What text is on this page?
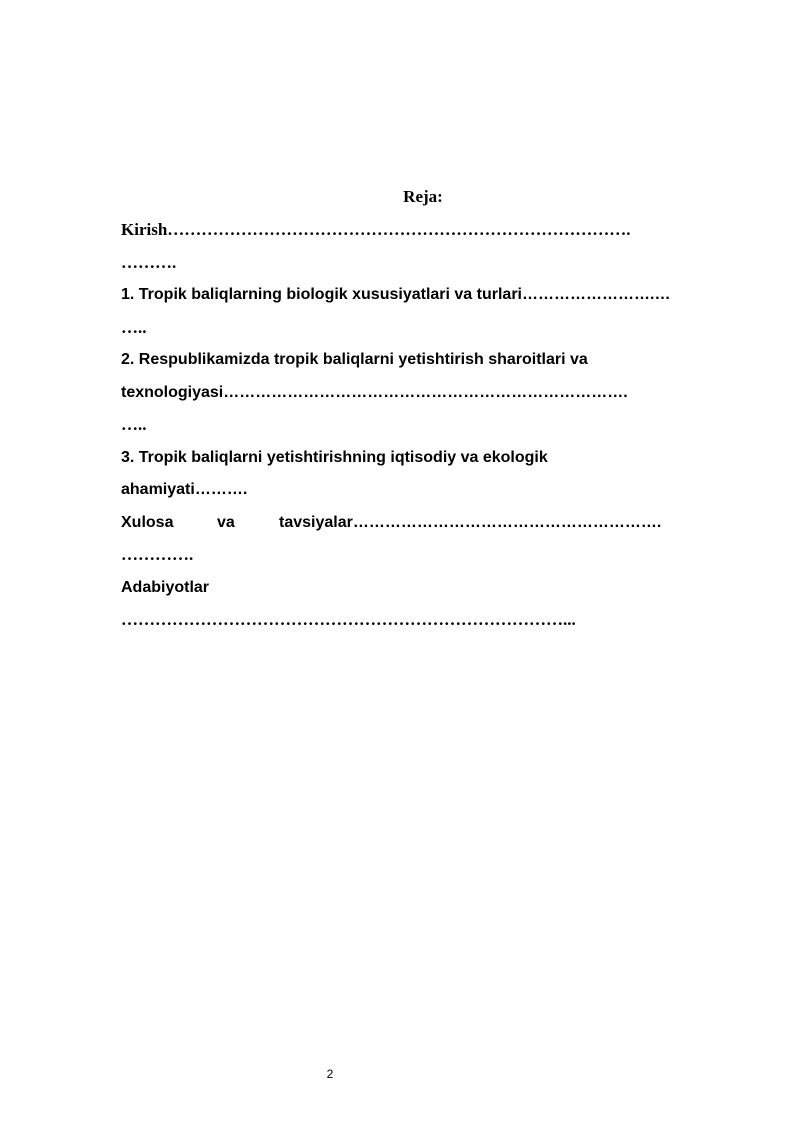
Reja:
Kirish……………………………………………………………………….
……….
1. Tropik baliqlarning biologik xususiyatlari va turlari…………………….…
…..
2. Respublikamizda tropik baliqlarni yetishtirish sharoitlari va
texnologiyasi………………………………………………………………….
…..
3. Tropik baliqlarni yetishtirishning iqtisodiy va ekologik
ahamiyati……….
Xulosa	va	tavsiyalar………………………………………………….
………….
Adabiyotlar
……………………………………………………………………...
2
